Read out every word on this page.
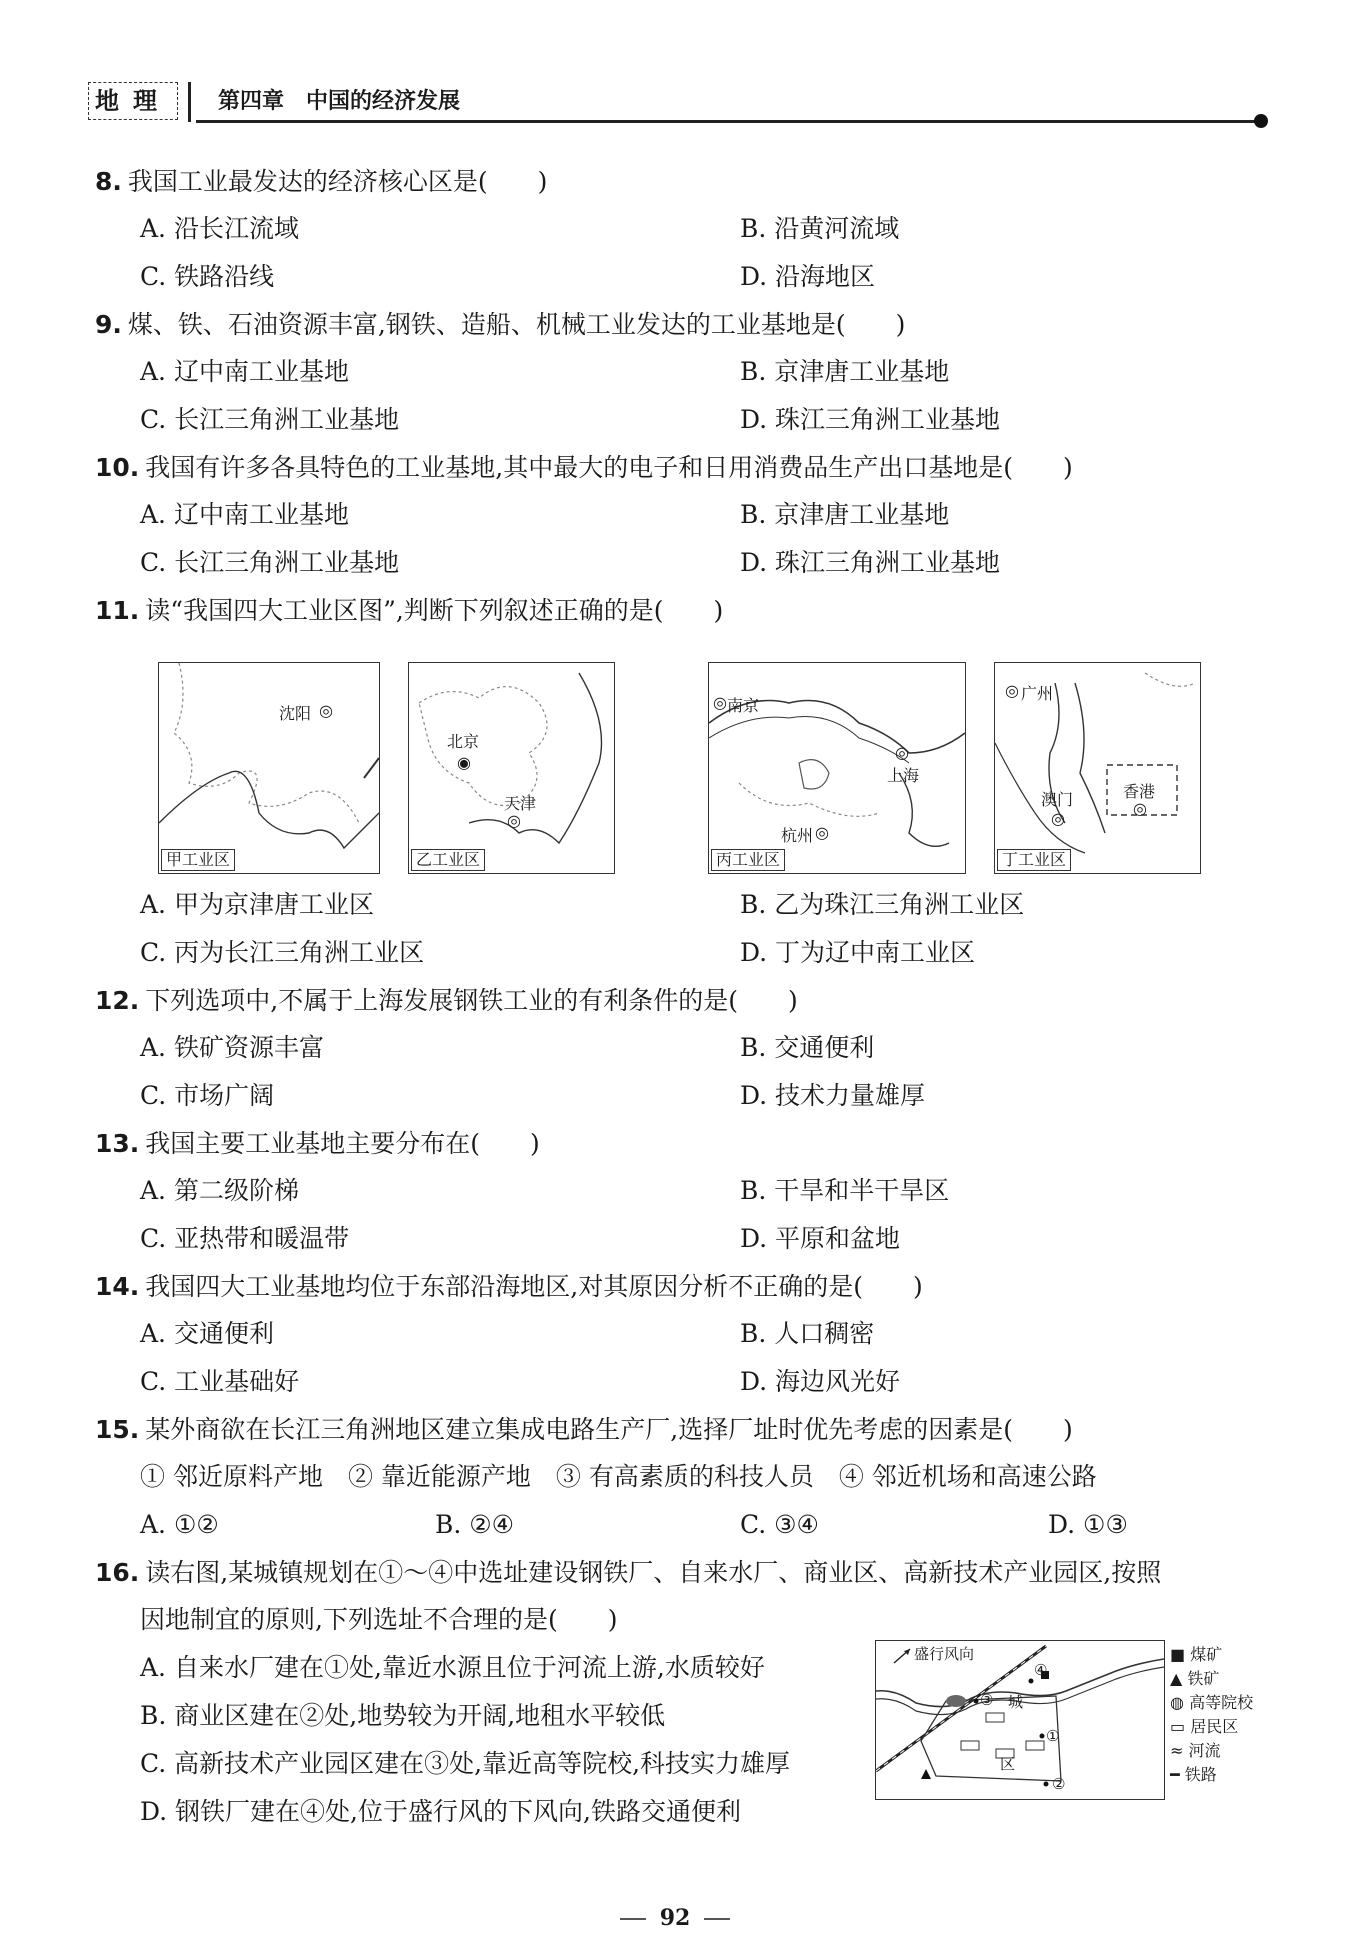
地理	第四章　中国的经济发展
8. 我国工业最发达的经济核心区是(　　)
A. 沿长江流域	B. 沿黄河流域
C. 铁路沿线	D. 沿海地区
9. 煤、铁、石油资源丰富,钢铁、造船、机械工业发达的工业基地是(　　)
A. 辽中南工业基地	B. 京津唐工业基地
C. 长江三角洲工业基地	D. 珠江三角洲工业基地
10. 我国有许多各具特色的工业基地,其中最大的电子和日用消费品生产出口基地是(　　)
A. 辽中南工业基地	B. 京津唐工业基地
C. 长江三角洲工业基地	D. 珠江三角洲工业基地
11. 读“我国四大工业区图”,判断下列叙述正确的是(　　)
沈阳 ◎
甲工业区
北京
◉
天津
◎
乙工业区
南京
◎
上海
◎
杭州 ◎
丙工业区
广州
◎
澳门
◎
香港
◎
丁工业区
A. 甲为京津唐工业区	B. 乙为珠江三角洲工业区
C. 丙为长江三角洲工业区	D. 丁为辽中南工业区
12. 下列选项中,不属于上海发展钢铁工业的有利条件的是(　　)
A. 铁矿资源丰富	B. 交通便利
C. 市场广阔	D. 技术力量雄厚
13. 我国主要工业基地主要分布在(　　)
A. 第二级阶梯	B. 干旱和半干旱区
C. 亚热带和暖温带	D. 平原和盆地
14. 我国四大工业基地均位于东部沿海地区,对其原因分析不正确的是(　　)
A. 交通便利	B. 人口稠密
C. 工业基础好	D. 海边风光好
15. 某外商欲在长江三角洲地区建立集成电路生产厂,选择厂址时优先考虑的因素是(　　)
① 邻近原料产地　② 靠近能源产地　③ 有高素质的科技人员　④ 邻近机场和高速公路
A. ①②	B. ②④	C. ③④	D. ①③
16. 读右图,某城镇规划在①～④中选址建设钢铁厂、自来水厂、商业区、高新技术产业园区,按照
因地制宜的原则,下列选址不合理的是(　　)
A. 自来水厂建在①处,靠近水源且位于河流上游,水质较好
B. 商业区建在②处,地势较为开阔,地租水平较低
C. 高新技术产业园区建在③处,靠近高等院校,科技实力雄厚
D. 钢铁厂建在④处,位于盛行风的下风向,铁路交通便利
盛行风向
城
区
①
②
③
④
■ 煤矿
▲ 铁矿
◍ 高等院校
▭ 居民区
≈ 河流
━ 铁路
92
